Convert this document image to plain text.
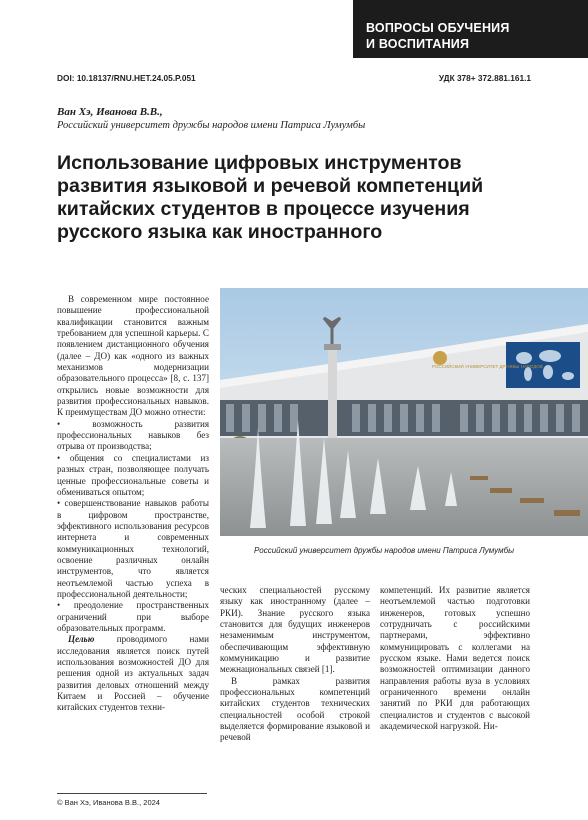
ВОПРОСЫ ОБУЧЕНИЯ
И ВОСПИТАНИЯ
DOI: 10.18137/RNU.HET.24.05.P.051	УДК 378+ 372.881.161.1
Ван Хэ, Иванова В.В.,
Российский университет дружбы народов имени Патриса Лумумбы
Использование цифровых инструментов
развития языковой и речевой компетенций
китайских студентов в процессе изучения
русского языка как иностранного

В современном мире постоянное повышение профессиональной квалификации становится важным требованием для успешной карьеры. С появлением дистанционного обучения (далее – ДО) как «одного из важных механизмов модернизации образовательного процесса» [8, с. 137] открылись новые возможности для развития профессиональных навыков. К преимуществам ДО можно отнести:

• возможность развития профессиональных навыков без отрыва от производства;

• общения со специалистами из разных стран, позволяющее получать ценные профессиональные советы и обмениваться опытом;

• совершенствование навыков работы в цифровом пространстве, эффективного использования ресурсов интернета и современных коммуникационных технологий, освоение различных онлайн инструментов, что является неотъемлемой частью успеха в профессиональной деятельности;

• преодоление пространственных ограничений при выборе образовательных программ.

Целью проводимого нами исследования является поиск путей использования возможностей ДО для решения одной из актуальных задач развития деловых отношений между Китаем и Россией – обучение китайских студентов техни-

РОССИЙСКИЙ УНИВЕРСИТЕТ ДРУЖБЫ НАРОДОВ
Российский университет дружбы народов имени Патриса Лумумбы

ческих специальностей русскому языку как иностранному (далее – РКИ). Знание русского языка становится для будущих инженеров незаменимым инструментом, обеспечивающим эффективную коммуникацию и развитие межнациональных связей [1].

В рамках развития профессиональных компетенций китайских студентов технических специальностей особой строкой выделяется формирование языковой и речевой

компетенций. Их развитие является неотъемлемой частью подготовки инженеров, готовых успешно сотрудничать с российскими партнерами, эффективно коммуницировать с коллегами на русском языке. Нами ведется поиск возможностей оптимизации данного направления работы вуза в условиях ограниченного времени онлайн занятий по РКИ для работающих специалистов и студентов с высокой академической нагрузкой. Ни-

© Ван Хэ, Иванова В.В., 2024
